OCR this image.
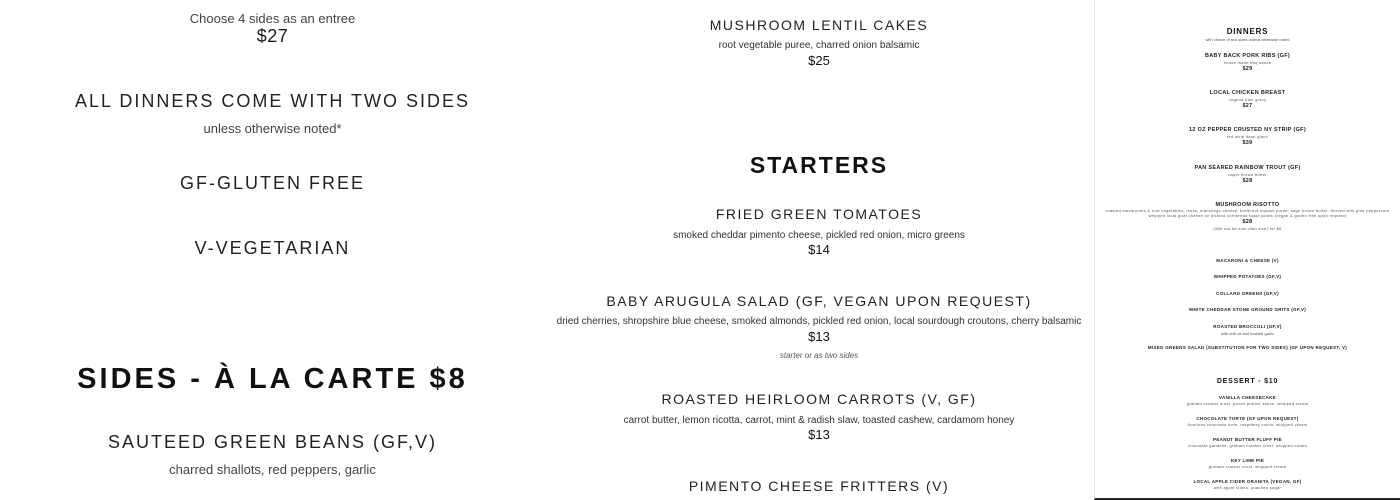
Choose 4 sides as an entree

$27

ALL DINNERS COME WITH TWO SIDES

unless otherwise noted*

GF-GLUTEN FREE
V-VEGETARIAN
SIDES - À LA CARTE $8
SAUTEED GREEN BEANS (GF,V)

charred shallots, red peppers, garlic

MUSHROOM LENTIL CAKES

root vegetable puree, charred onion balsamic

$25

STARTERS
FRIED GREEN TOMATOES

smoked cheddar pimento cheese, pickled red onion, micro greens

$14

BABY ARUGULA SALAD (GF, VEGAN UPON REQUEST)

dried cherries, shropshire blue cheese, smoked almonds, pickled red onion, local sourdough croutons, cherry balsamic

$13

starter or as two sides

ROASTED HEIRLOOM CARROTS (V, GF)

carrot butter, lemon ricotta, carrot, mint & radish slaw, toasted cashew, cardamom honey

$13

PIMENTO CHEESE FRITTERS (V)
DINNERS
with choice of two sides unless otherwise noted
BABY BACK PORK RIBS (GF)
house made bbq sauce
$29
LOCAL CHICKEN BREAST
virginia ham gravy
$27
12 OZ PEPPER CRUSTED NY STRIP (GF)
red wine demi glace
$39
PAN SEARED RAINBOW TROUT (GF)
caper brown butter
$28
MUSHROOM RISOTTO
roasted mushrooms & root vegetables, leeks, manchego cheese, butternut squash puree, sage brown butter. Served with pine peppercorn whipped local goat cheese on pickled cornbread toast points (vegan & gluten free upon request)
$28
(Will not be side dish size) for $6
MACARONI & CHEESE (V)
WHIPPED POTATOES (GF,V)
COLLARD GREENS (GF,V)
WHITE CHEDDAR STONE GROUND GRITS (GF,V)
ROASTED BROCCOLI (GF,V)
with chili oil and toasted garlic
MIXED GREENS SALAD (SUBSTITUTION FOR TWO SIDES) (GF UPON REQUEST, V)
DESSERT - $10
VANILLA CHEESECAKE
graham cracker crust, pecan praline sauce, whipped cream
CHOCOLATE TORTE (GF UPON REQUEST)
flourless chocolate torte, raspberry coulis, whipped cream
PEANUT BUTTER FLUFF PIE
chocolate ganache, graham cracker crust, whipped cream
KEY LIME PIE
graham cracker crust, whipped cream
LOCAL APPLE CIDER GRANITA (VEGAN, GF)
with apple slices, poached sugar
